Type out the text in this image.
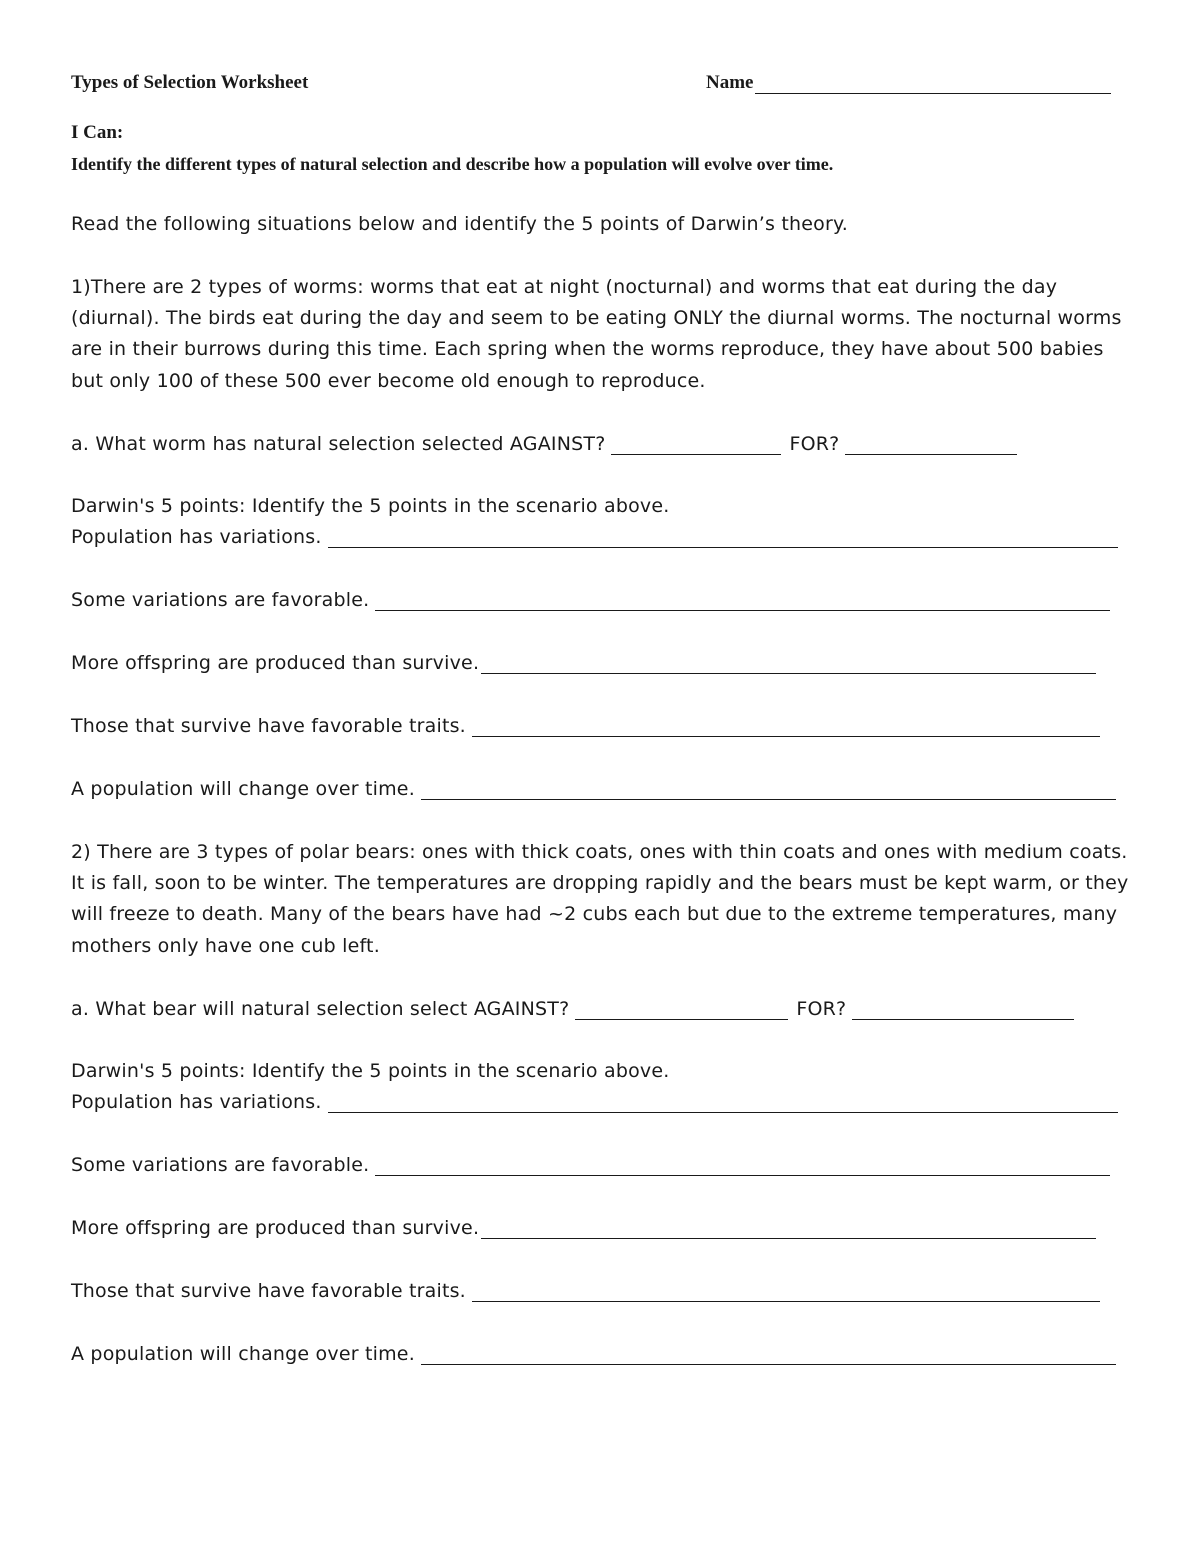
Types of Selection Worksheet	Name
I Can:
Identify the different types of natural selection and describe how a population will evolve over time.
Read the following situations below and identify the 5 points of Darwin’s theory.
1)There are 2 types of worms: worms that eat at night (nocturnal) and worms that eat during the day (diurnal). The birds eat during the day and seem to be eating ONLY the diurnal worms. The nocturnal worms are in their burrows during this time. Each spring when the worms reproduce, they have about 500 babies but only 100 of these 500 ever become old enough to reproduce.
a. What worm has natural selection selected AGAINST?	FOR?
Darwin's 5 points: Identify the 5 points in the scenario above.
Population has variations.
Some variations are favorable.
More offspring are produced than survive.
Those that survive have favorable traits.
A population will change over time.
2) There are 3 types of polar bears: ones with thick coats, ones with thin coats and ones with medium coats. It is fall, soon to be winter. The temperatures are dropping rapidly and the bears must be kept warm, or they will freeze to death. Many of the bears have had ~2 cubs each but due to the extreme temperatures, many mothers only have one cub left.
a. What bear will natural selection select AGAINST?	FOR?
Darwin's 5 points: Identify the 5 points in the scenario above.
Population has variations.
Some variations are favorable.
More offspring are produced than survive.
Those that survive have favorable traits.
A population will change over time.
